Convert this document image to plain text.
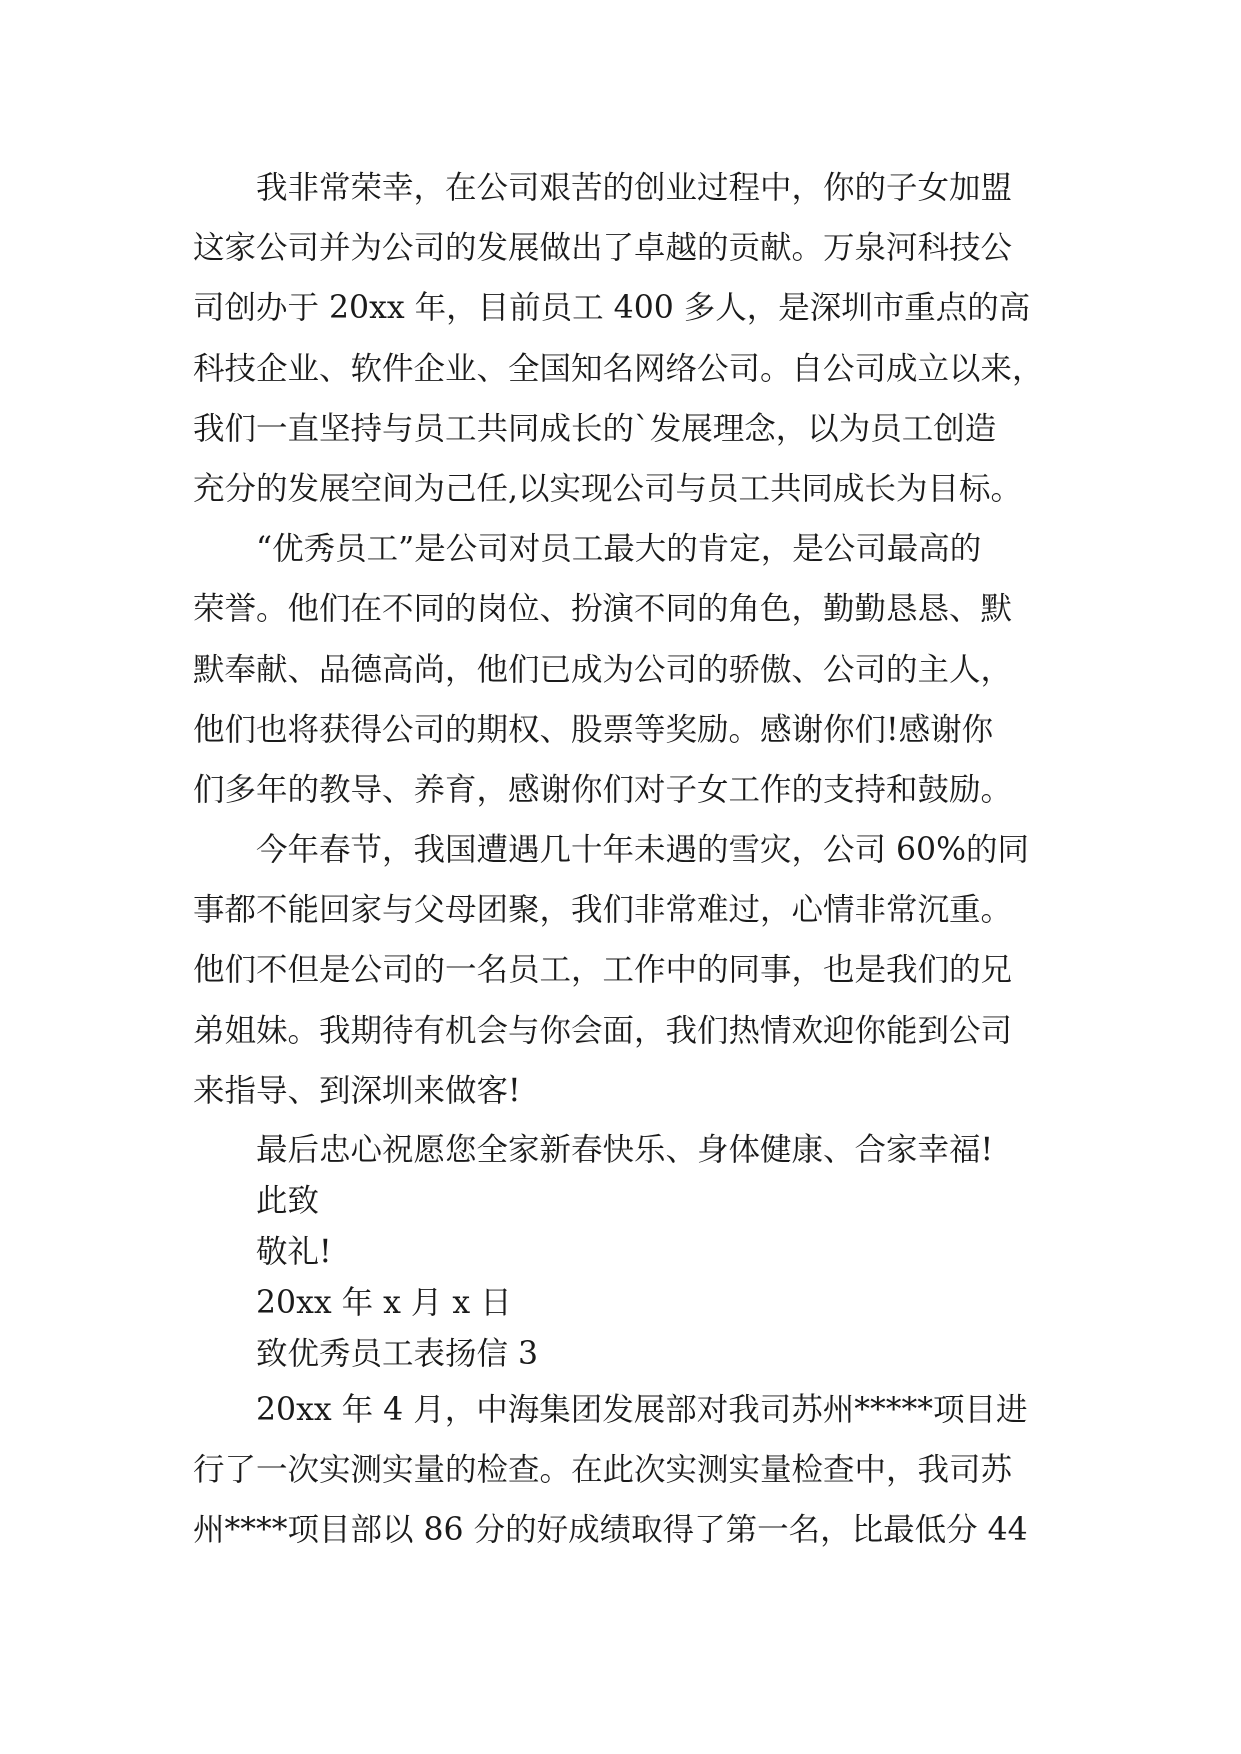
　　我非常荣幸，在公司艰苦的创业过程中，你的子女加盟
这家公司并为公司的发展做出了卓越的贡献。万泉河科技公
司创办于 20xx 年，目前员工 400 多人，是深圳市重点的高
科技企业、软件企业、全国知名网络公司。自公司成立以来，
我们一直坚持与员工共同成长的`发展理念，以为员工创造
充分的发展空间为己任,以实现公司与员工共同成长为目标。
　　“优秀员工”是公司对员工最大的肯定，是公司最高的
荣誉。他们在不同的岗位、扮演不同的角色，勤勤恳恳、默
默奉献、品德高尚，他们已成为公司的骄傲、公司的主人，
他们也将获得公司的期权、股票等奖励。感谢你们!感谢你
们多年的教导、养育，感谢你们对子女工作的支持和鼓励。
　　今年春节，我国遭遇几十年未遇的雪灾，公司 60%的同
事都不能回家与父母团聚，我们非常难过，心情非常沉重。
他们不但是公司的一名员工，工作中的同事，也是我们的兄
弟姐妹。我期待有机会与你会面，我们热情欢迎你能到公司
来指导、到深圳来做客!
　　最后忠心祝愿您全家新春快乐、身体健康、合家幸福!
　　此致
　　敬礼!
　　20xx 年 x 月 x 日
　　致优秀员工表扬信 3
　　20xx 年 4 月，中海集团发展部对我司苏州*****项目进
行了一次实测实量的检查。在此次实测实量检查中，我司苏
州****项目部以 86 分的好成绩取得了第一名，比最低分 44
